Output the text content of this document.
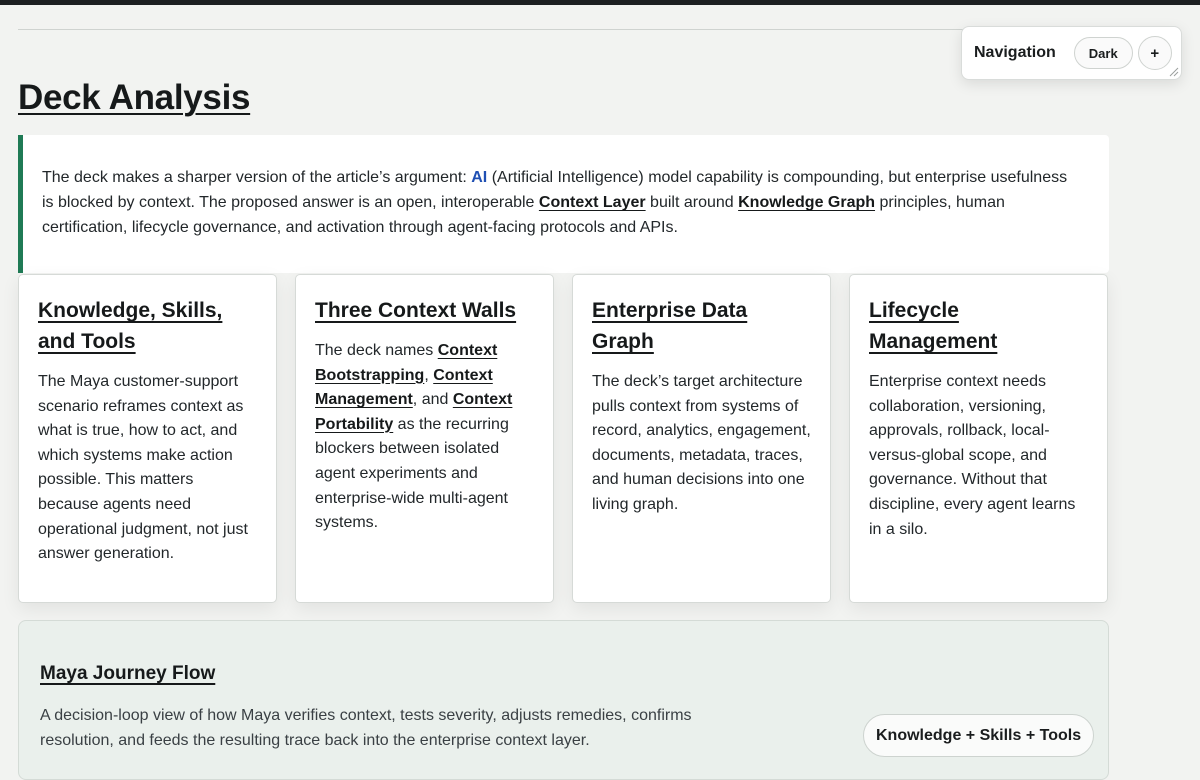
Deck Analysis
Navigation	Dark	+
The deck makes a sharper version of the article’s argument: AI (Artificial Intelligence) model capability is compounding, but enterprise usefulness is blocked by context. The proposed answer is an open, interoperable Context Layer built around Knowledge Graph principles, human certification, lifecycle governance, and activation through agent-facing protocols and APIs.
Knowledge, Skills, and Tools

The Maya customer-support scenario reframes context as what is true, how to act, and which systems make action possible. This matters because agents need operational judgment, not just answer generation.

Three Context Walls

The deck names Context Bootstrapping, Context Management, and Context Portability as the recurring blockers between isolated agent experiments and enterprise-wide multi-agent systems.

Enterprise Data Graph

The deck’s target architecture pulls context from systems of record, analytics, engagement, documents, metadata, traces, and human decisions into one living graph.

Lifecycle Management

Enterprise context needs collaboration, versioning, approvals, rollback, local-versus-global scope, and governance. Without that discipline, every agent learns in a silo.

Maya Journey Flow

A decision-loop view of how Maya verifies context, tests severity, adjusts remedies, confirms resolution, and feeds the resulting trace back into the enterprise context layer.	Knowledge + Skills + Tools
